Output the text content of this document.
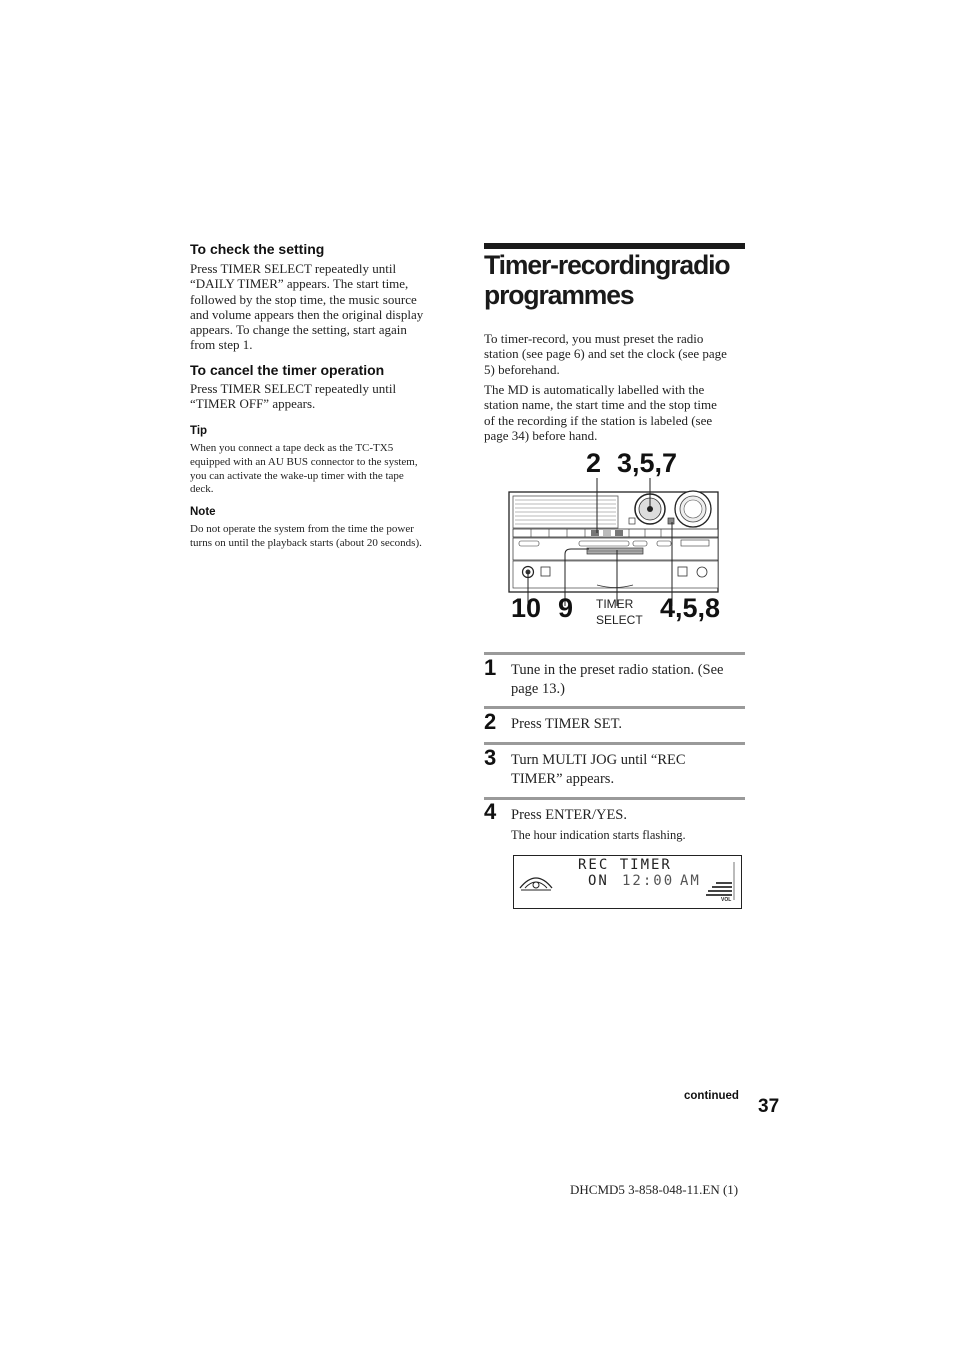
To check the setting
Press TIMER SELECT repeatedly until
“DAILY TIMER” appears. The start time,
followed by the stop time, the music source
and volume appears then the original display
appears. To change the setting, start again
from step 1.
To cancel the timer operation
Press TIMER SELECT repeatedly until
“TIMER OFF” appears.
Tip
When you connect a tape deck as the TC-TX5
equipped with an AU BUS connector to the system,
you can activate the wake-up timer with the tape
deck.
Note
Do not operate the system from the time the power
turns on until the playback starts (about 20 seconds).
Timer-recordingradio
programmes
To timer-record, you must preset the radio
station (see page 6) and set the clock (see page
5) beforehand.
The MD is automatically labelled with the
station name, the start time and the stop time
of the recording if the station is labeled (see
page 34) before hand.
2 3,5,7
10 9 TIMER
SELECT 4,5,8
1 Tune in the preset radio station. (See
page 13.)
2 Press TIMER SET.
3 Turn MULTI JOG until “REC
TIMER” appears.
4 Press ENTER/YES.
The hour indication starts flashing.
REC TIMER
ON 12:00 AM
VOL
continued 37
DHCMD5 3-858-048-11.EN (1)
